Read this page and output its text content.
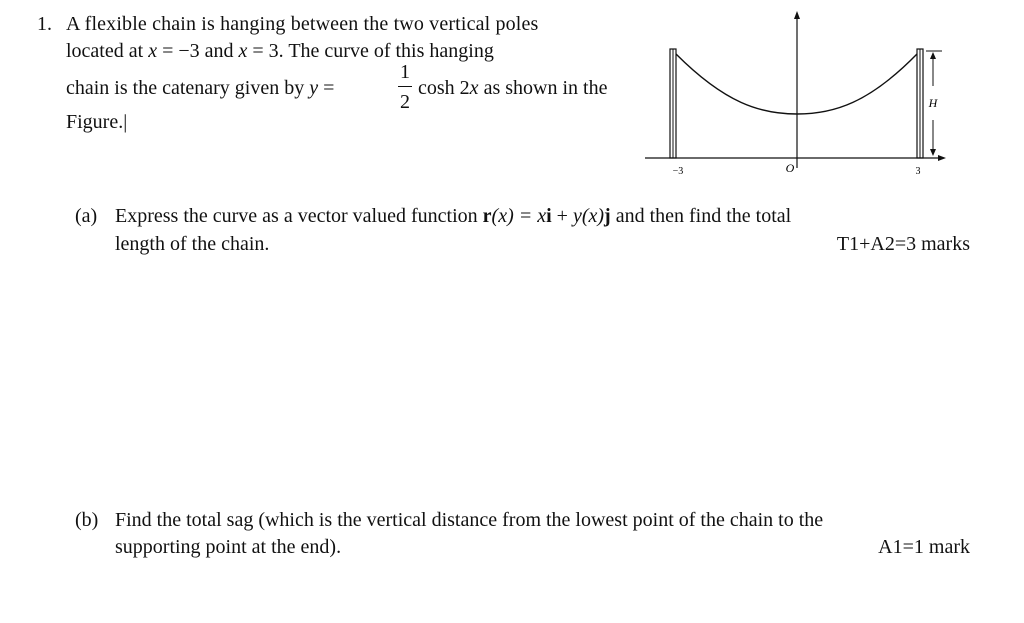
1. A flexible chain is hanging between the two vertical poles
located at x = −3 and x = 3. The curve of this hanging
chain is the catenary given by y =
1
2
cosh 2x as shown in the
Figure.|
H
−3	O	3
(a) Express the curve as a vector valued function r(x) = xi + y(x)j and then find the total
length of the chain.	T1+A2=3 marks
(b) Find the total sag (which is the vertical distance from the lowest point of the chain to the
supporting point at the end).	A1=1 mark
